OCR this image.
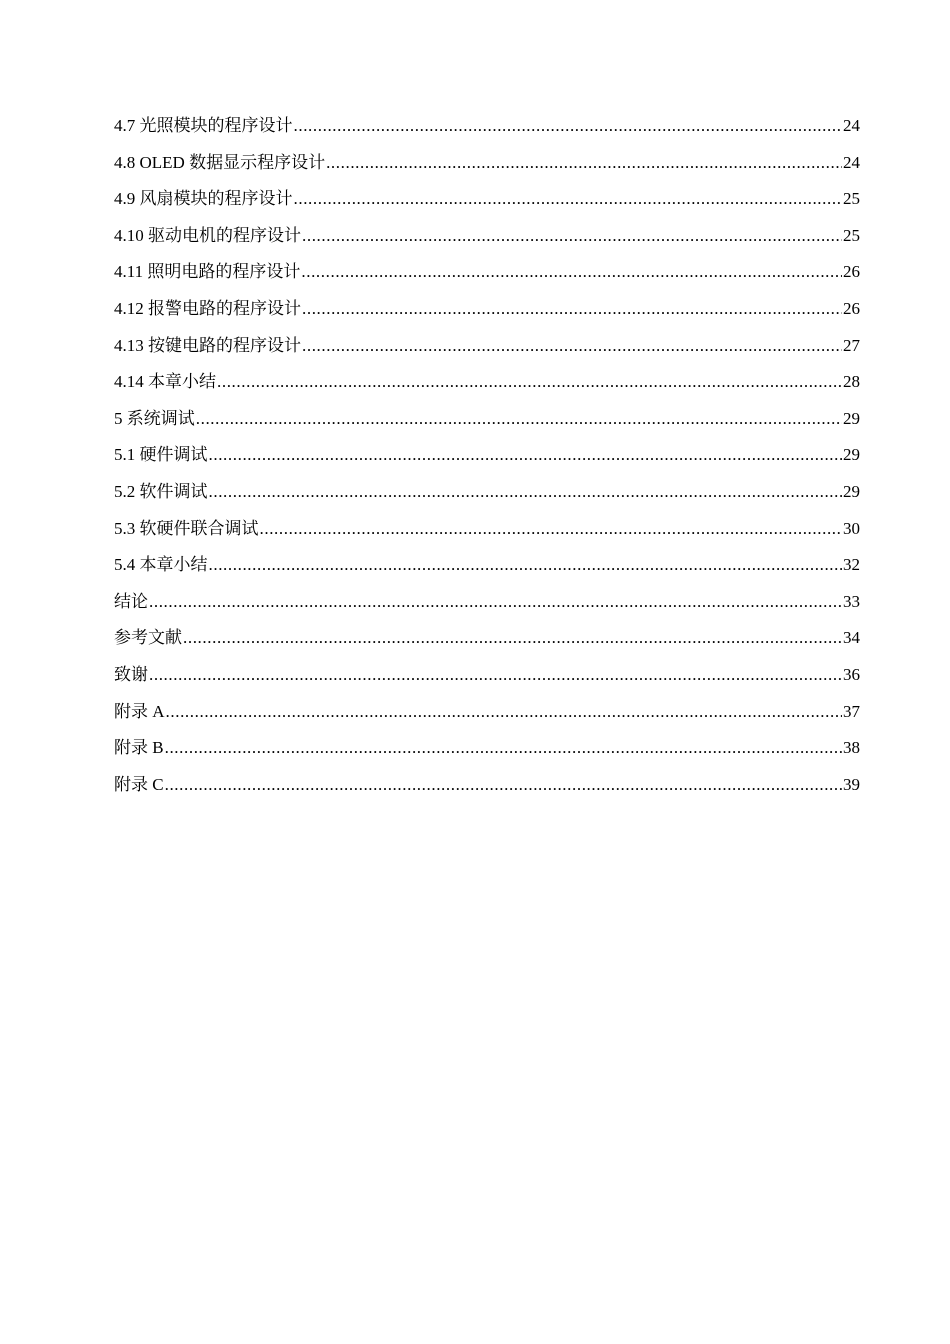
4.7 光照模块的程序设计 .....	24
4.8 OLED 数据显示程序设计 .....	24
4.9 风扇模块的程序设计 .....	25
4.10 驱动电机的程序设计 .....	25
4.11 照明电路的程序设计 .....	26
4.12 报警电路的程序设计 .....	26
4.13 按键电路的程序设计 .....	27
4.14 本章小结 .....	28
5 系统调试 .....	29
5.1 硬件调试 .....	29
5.2 软件调试 .....	29
5.3 软硬件联合调试 .....	30
5.4 本章小结 .....	32
结论 .....	33
参考文献 .....	34
致谢 .....	36
附录 A .....	37
附录 B .....	38
附录 C .....	39
